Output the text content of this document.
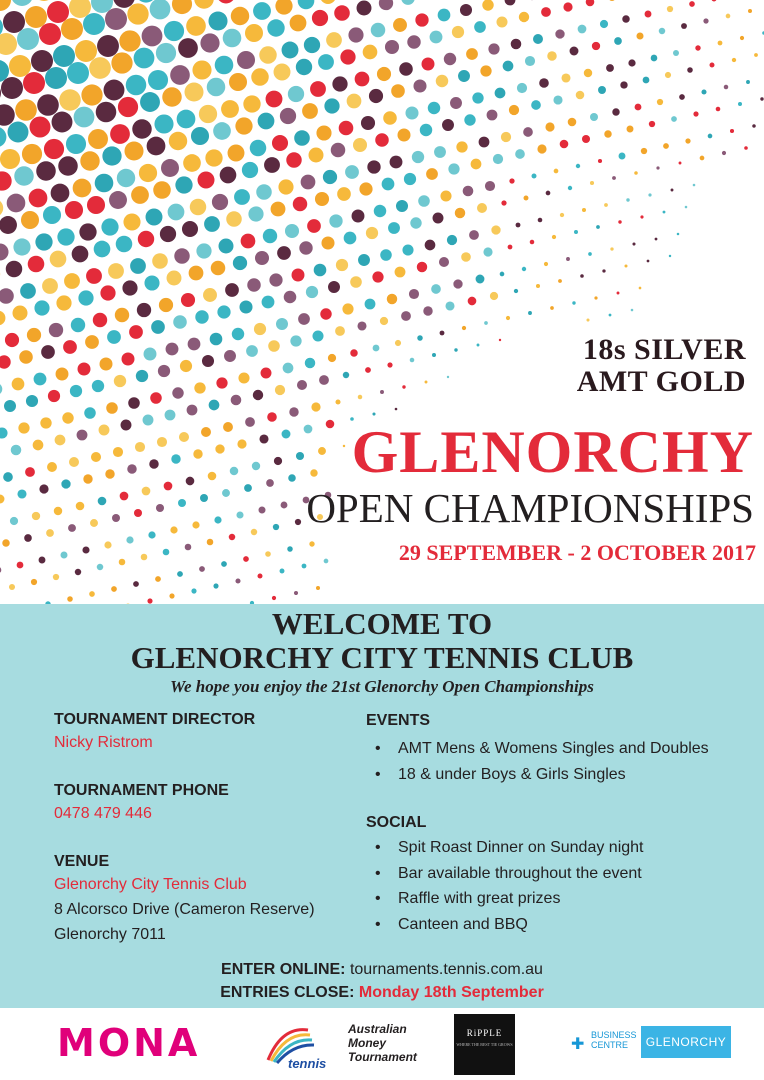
18s SILVER

AMT GOLD

GLENORCHY

OPEN CHAMPIONSHIPS

29 SEPTEMBER - 2 OCTOBER 2017

WELCOME TO

GLENORCHY CITY TENNIS CLUB

We hope you enjoy the 21st Glenorchy Open Championships

TOURNAMENT DIRECTOR

Nicky Ristrom

TOURNAMENT PHONE

0478 479 446

VENUE

Glenorchy City Tennis Club

8 Alcorsco Drive (Cameron Reserve)

Glenorchy 7011

EVENTS

• AMT Mens & Womens Singles and Doubles
• 18 & under Boys & Girls Singles

SOCIAL

• Spit Roast Dinner on Sunday night
• Bar available throughout the event
• Raffle with great prizes
• Canteen and BBQ
ENTER ONLINE: tournaments.tennis.com.au
ENTRIES CLOSE: Monday 18th September

MONA	tennis
Australian
Money
Tournament
RiPPLE
WHERE THE BEST TIE GROWS	✚ BUSINESS
CENTRE	GLENORCHY
